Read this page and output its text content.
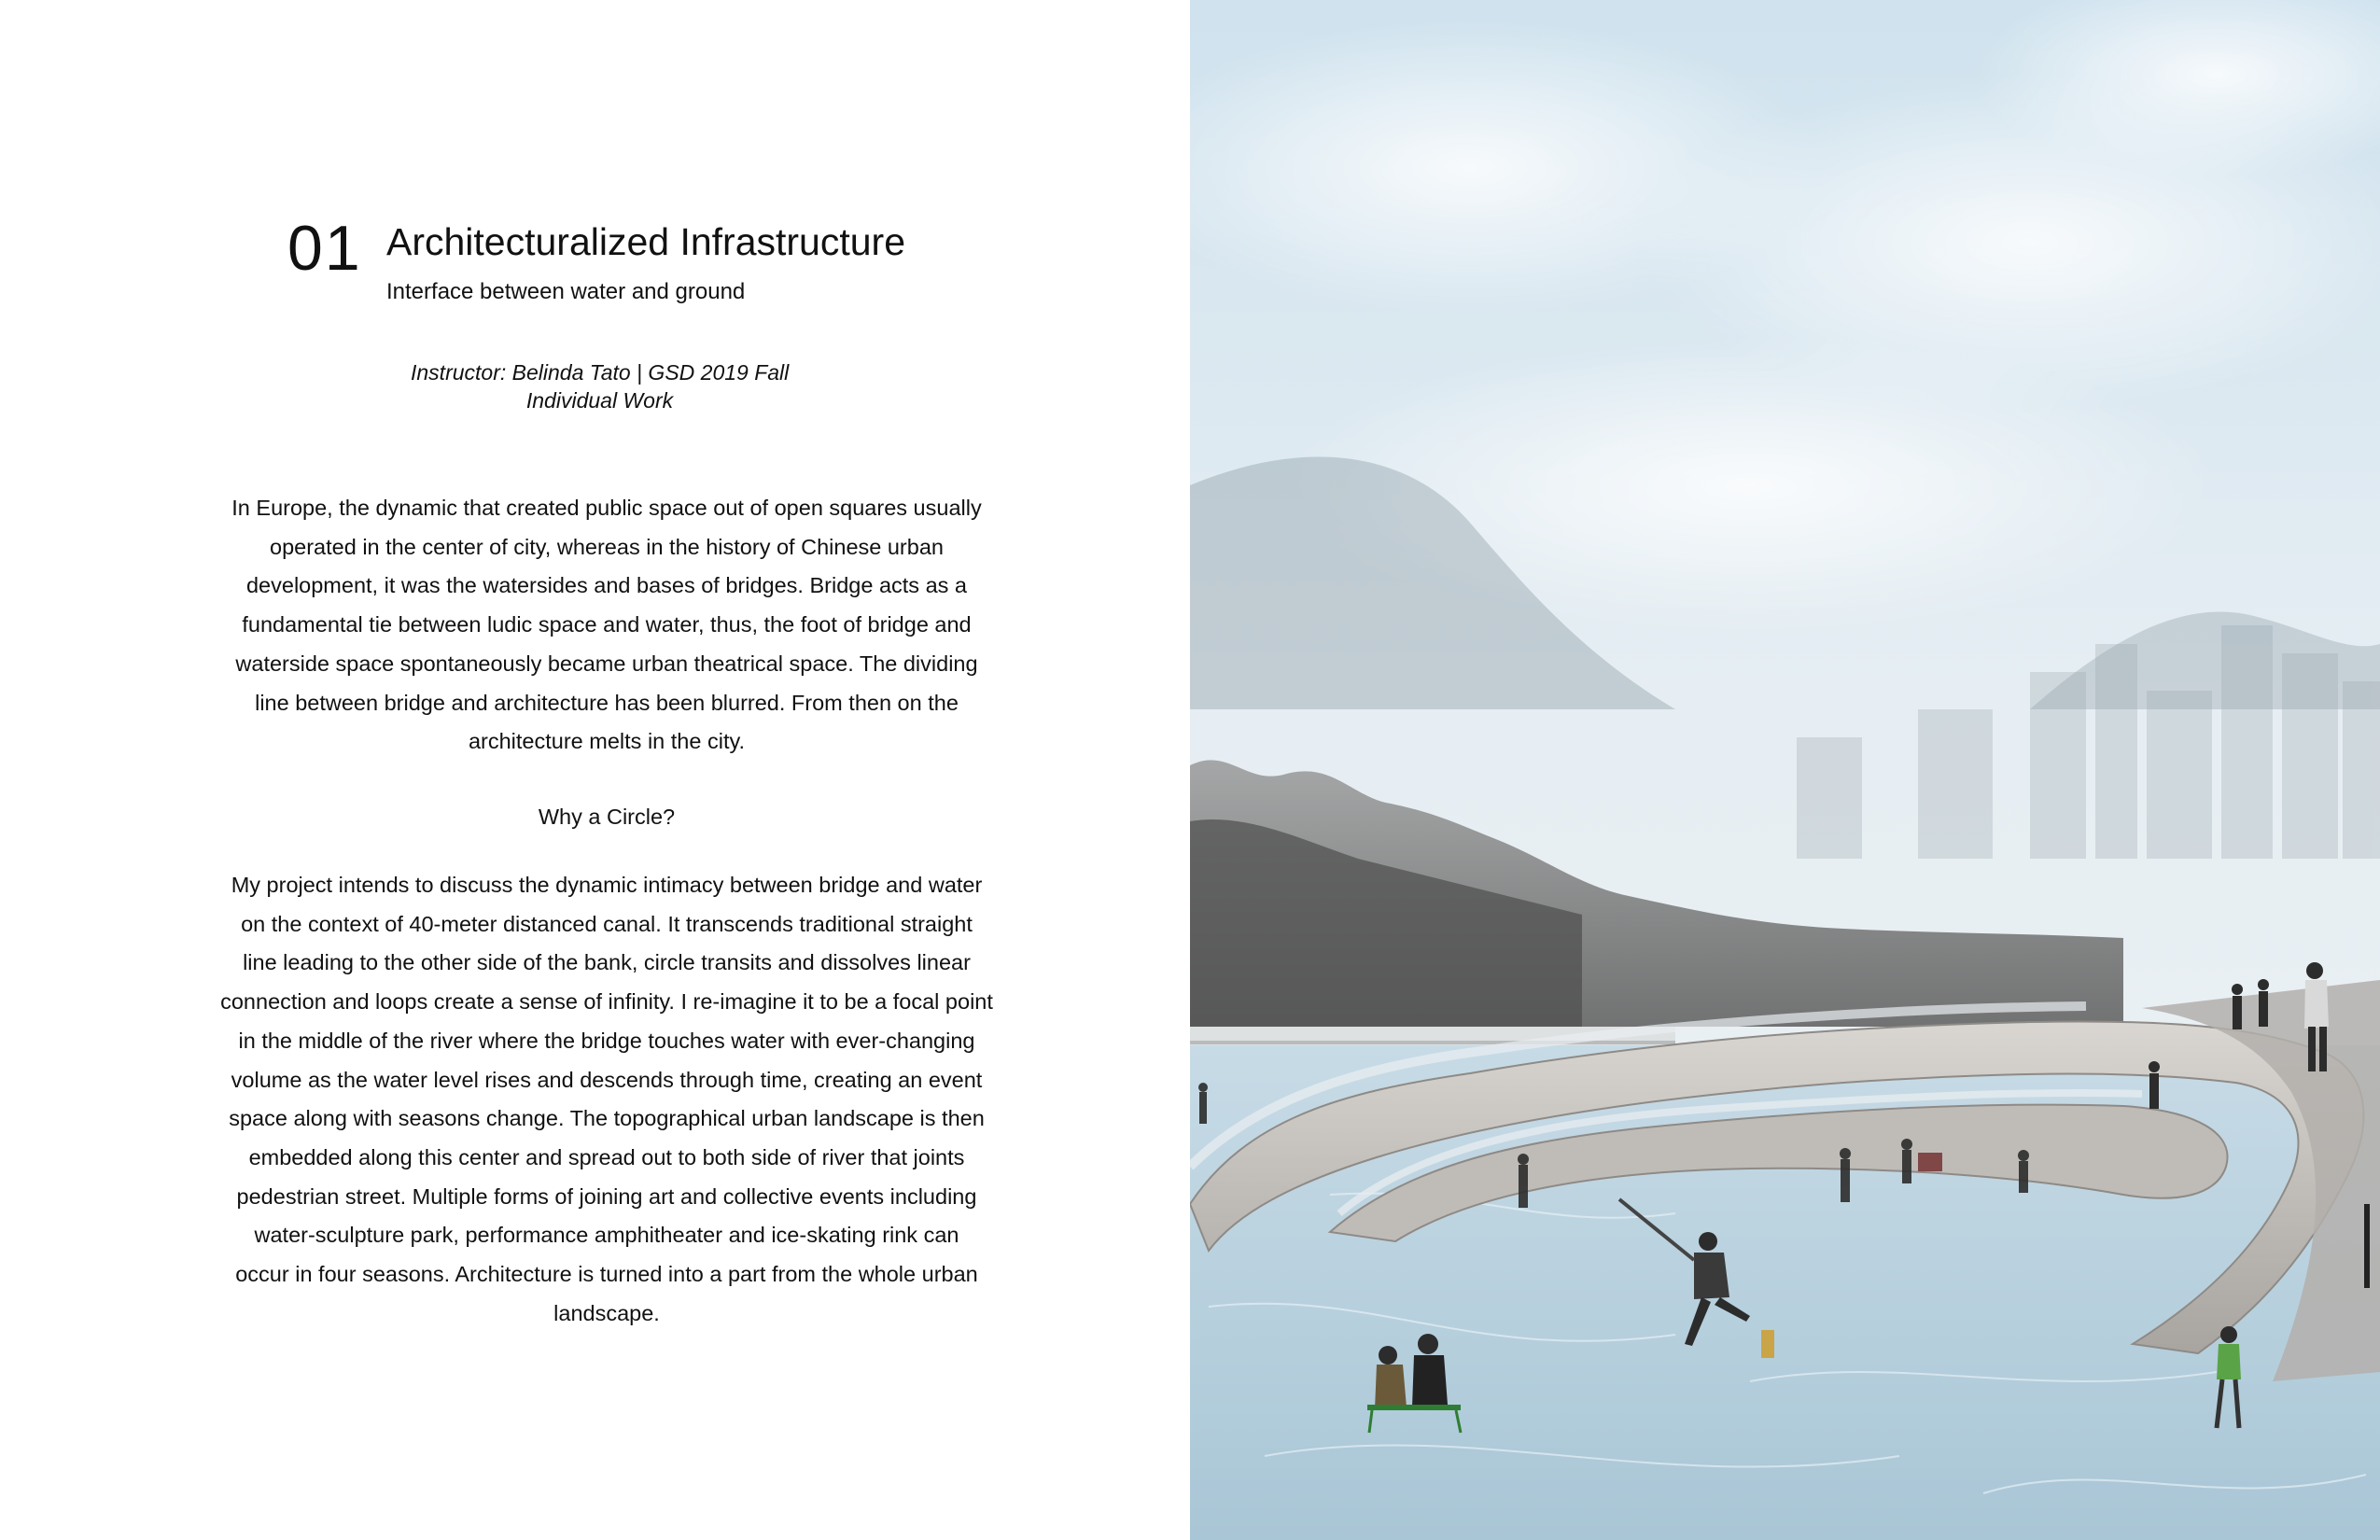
01 Architecturalized Infrastructure
Interface between water and ground
Instructor: Belinda Tato | GSD 2019 Fall
Individual Work

In Europe, the dynamic that created public space out of open squares usually
operated in the center of city, whereas in the history of Chinese urban
development, it was the watersides and bases of bridges. Bridge acts as a
fundamental tie between ludic space and water, thus, the foot of bridge and
waterside space spontaneously became urban theatrical space. The dividing
line between bridge and architecture has been blurred. From then on the
architecture melts in the city.

Why a Circle?

My project intends to discuss the dynamic intimacy between bridge and water
on the context of 40-meter distanced canal. It transcends traditional straight
line leading to the other side of the bank, circle transits and dissolves linear
connection and loops create a sense of infinity. I re-imagine it to be a focal point
in the middle of the river where the bridge touches water with ever-changing
volume as the water level rises and descends through time, creating an event
space along with seasons change. The topographical urban landscape is then
embedded along this center and spread out to both side of river that joints
pedestrian street. Multiple forms of joining art and collective events including
water-sculpture park, performance amphitheater and ice-skating rink can
occur in four seasons. Architecture is turned into a part from the whole urban
landscape.
